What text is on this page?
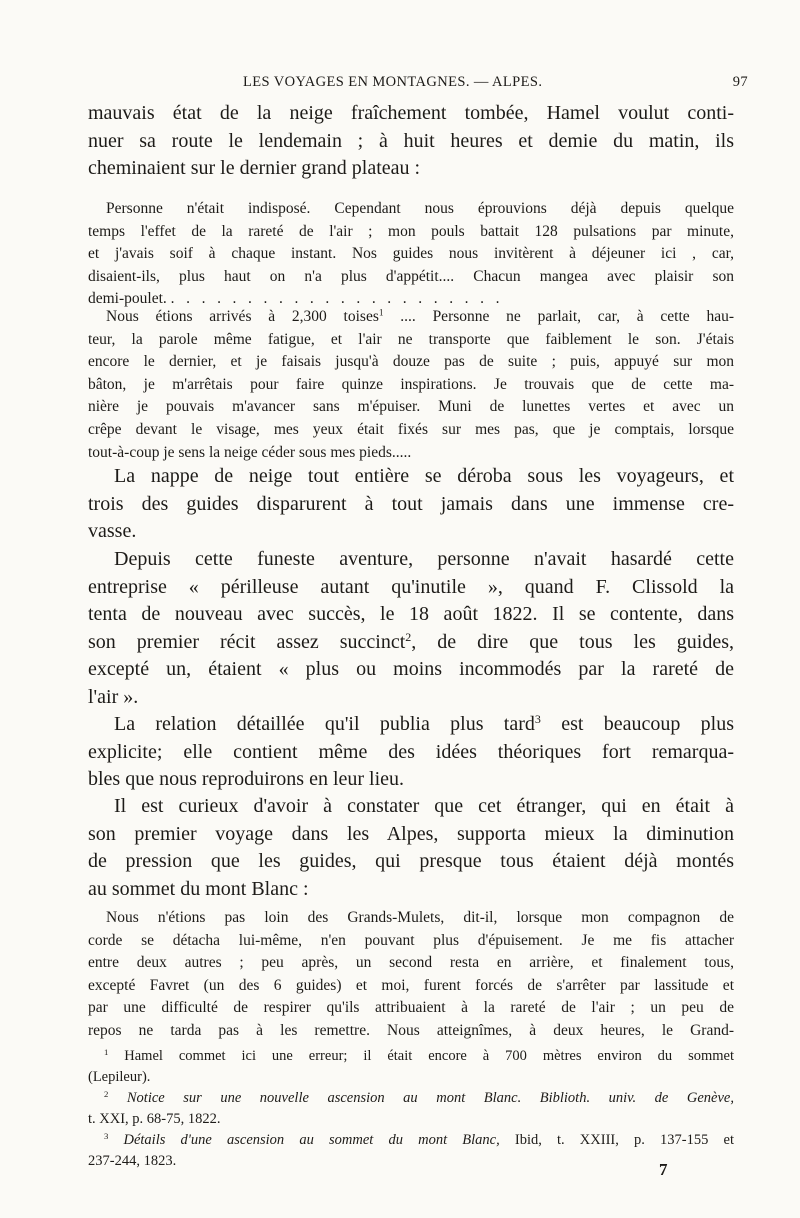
LES VOYAGES EN MONTAGNES. — ALPES.	97
mauvais état de la neige fraîchement tombée, Hamel voulut conti-
nuer sa route le lendemain ; à huit heures et demie du matin, ils
cheminaient sur le dernier grand plateau :
Personne n'était indisposé. Cependant nous éprouvions déjà depuis quelque
temps l'effet de la rareté de l'air ; mon pouls battait 128 pulsations par minute,
et j'avais soif à chaque instant. Nos guides nous invitèrent à déjeuner ici , car,
disaient-ils, plus haut on n'a plus d'appétit.... Chacun mangea avec plaisir son
demi-poulet. ......................
Nous étions arrivés à 2,300 toises$^1$ .... Personne ne parlait, car, à cette hau-
teur, la parole même fatigue, et l'air ne transporte que faiblement le son. J'étais
encore le dernier, et je faisais jusqu'à douze pas de suite ; puis, appuyé sur mon
bâton, je m'arrêtais pour faire quinze inspirations. Je trouvais que de cette ma-
nière je pouvais m'avancer sans m'épuiser. Muni de lunettes vertes et avec un
crêpe devant le visage, mes yeux était fixés sur mes pas, que je comptais, lorsque
tout-à-coup je sens la neige céder sous mes pieds.....
La nappe de neige tout entière se déroba sous les voyageurs, et
trois des guides disparurent à tout jamais dans une immense cre-
vasse.
Depuis cette funeste aventure, personne n'avait hasardé cette
entreprise « périlleuse autant qu'inutile », quand F. Clissold la
tenta de nouveau avec succès, le 18 août 1822. Il se contente, dans
son premier récit assez succinct$^2$, de dire que tous les guides,
excepté un, étaient « plus ou moins incommodés par la rareté de
l'air ».
La relation détaillée qu'il publia plus tard$^3$ est beaucoup plus
explicite; elle contient même des idées théoriques fort remarqua-
bles que nous reproduirons en leur lieu.
Il est curieux d'avoir à constater que cet étranger, qui en était à
son premier voyage dans les Alpes, supporta mieux la diminution
de pression que les guides, qui presque tous étaient déjà montés
au sommet du mont Blanc :
Nous n'étions pas loin des Grands-Mulets, dit-il, lorsque mon compagnon de
corde se détacha lui-même, n'en pouvant plus d'épuisement. Je me fis attacher
entre deux autres ; peu après, un second resta en arrière, et finalement tous,
excepté Favret (un des 6 guides) et moi, furent forcés de s'arrêter par lassitude et
par une difficulté de respirer qu'ils attribuaient à la rareté de l'air ; un peu de
repos ne tarda pas à les remettre. Nous atteignîmes, à deux heures, le Grand-
$^1$ Hamel commet ici une erreur; il était encore à 700 mètres environ du sommet
(Lepileur).
$^2$ Notice sur une nouvelle ascension au mont Blanc. Biblioth. univ. de Genève,
t. XXI, p. 68-75, 1822.
$^3$ Détails d'une ascension au sommet du mont Blanc, Ibid, t. XXIII, p. 137-155 et
237-244, 1823.	7
